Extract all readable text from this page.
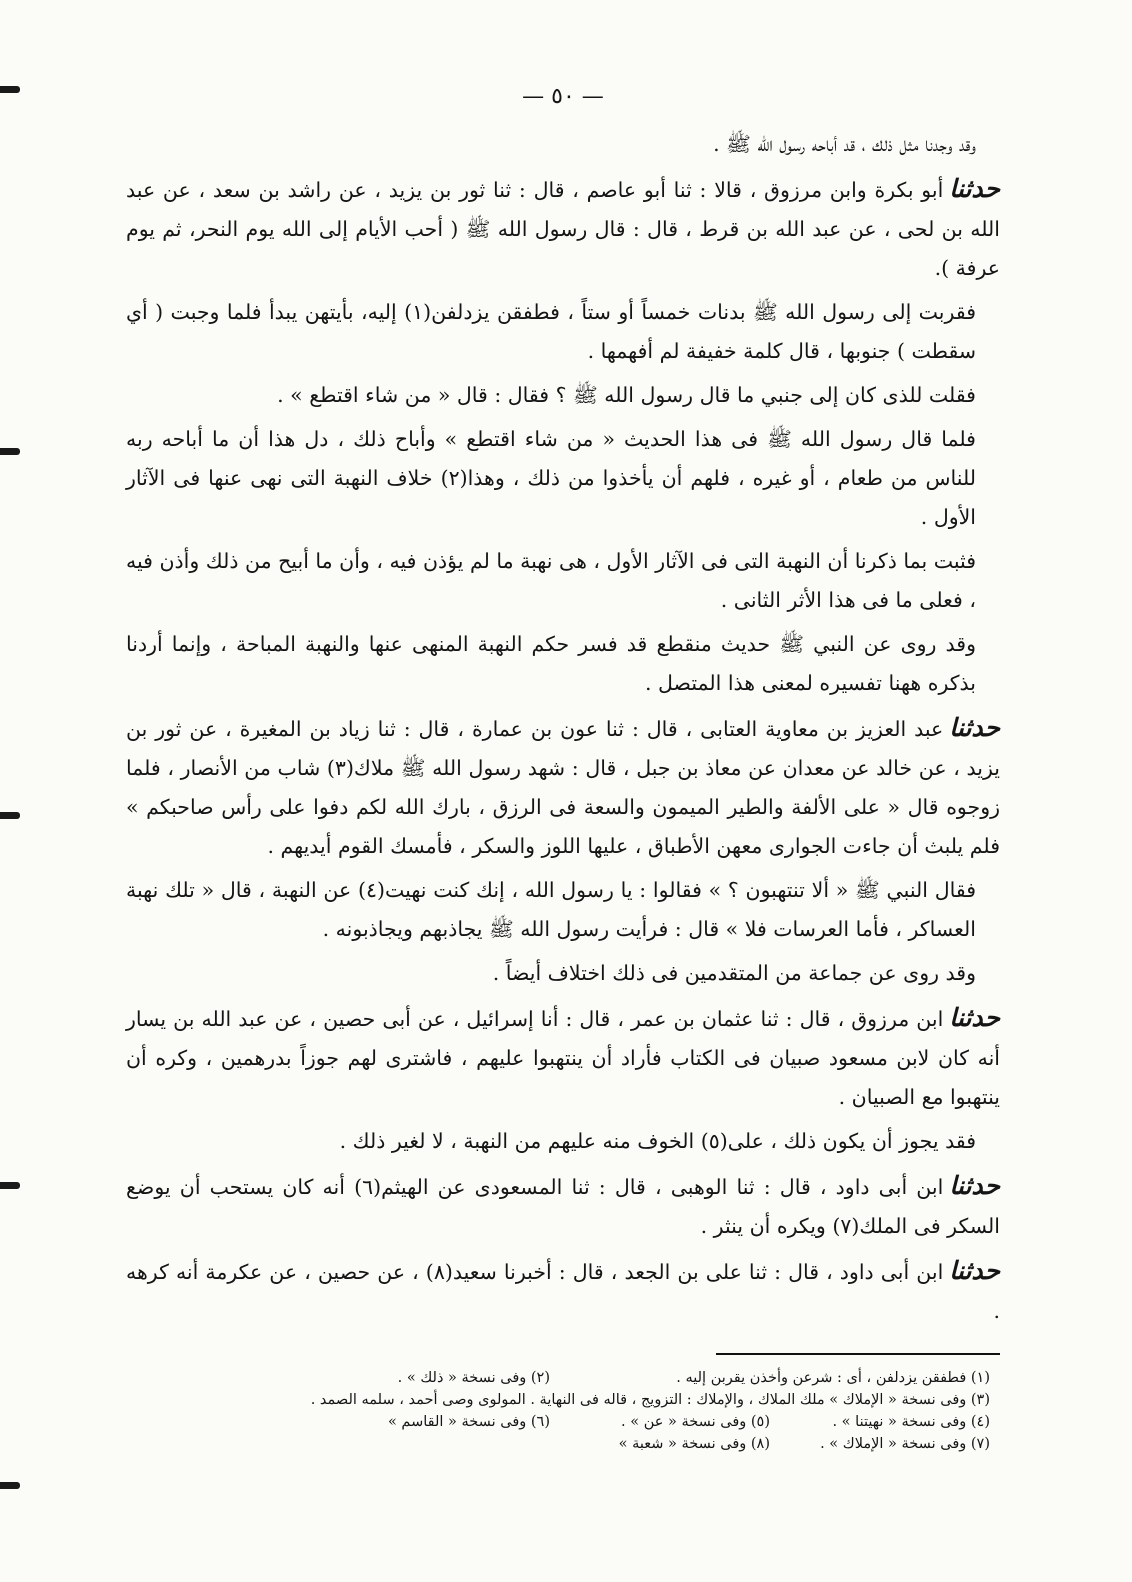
— ٥٠ —

وقد وجدنا مثل ذلك ، قد أباحه رسول الله ﷺ .

حدثناأبو بكرة وابن مرزوق ، قالا : ثنا أبو عاصم ، قال : ثنا ثور بن يزيد ، عن راشد بن سعد ، عن عبد الله بن لحى ، عن عبد الله بن قرط ، قال : قال رسول الله ﷺ ( أحب الأيام إلى الله يوم النحر، ثم يوم عرفة ).

فقربت إلى رسول الله ﷺ بدنات خمساً أو ستاً ، فطفقن يزدلفن(١) إليه، بأيتهن يبدأ فلما وجبت ( أي سقطت ) جنوبها ، قال كلمة خفيفة لم أفهمها .

فقلت للذى كان إلى جنبي ما قال رسول الله ﷺ ؟ فقال : قال « من شاء اقتطع » .

فلما قال رسول الله ﷺ فى هذا الحديث « من شاء اقتطع » وأباح ذلك ، دل هذا أن ما أباحه ربه للناس من طعام ، أو غيره ، فلهم أن يأخذوا من ذلك ، وهذا(٢) خلاف النهبة التى نهى عنها فى الآثار الأول .

فثبت بما ذكرنا أن النهبة التى فى الآثار الأول ، هى نهبة ما لم يؤذن فيه ، وأن ما أبيح من ذلك وأذن فيه ، فعلى ما فى هذا الأثر الثانى .

وقد روى عن النبي ﷺ حديث منقطع قد فسر حكم النهبة المنهى عنها والنهبة المباحة ، وإنما أردنا بذكره ههنا تفسيره لمعنى هذا المتصل .

حدثناعبد العزيز بن معاوية العتابى ، قال : ثنا عون بن عمارة ، قال : ثنا زياد بن المغيرة ، عن ثور بن يزيد ، عن خالد عن معدان عن معاذ بن جبل ، قال : شهد رسول الله ﷺ ملاك(٣) شاب من الأنصار ، فلما زوجوه قال « على الألفة والطير الميمون والسعة فى الرزق ، بارك الله لكم دفوا على رأس صاحبكم » فلم يلبث أن جاءت الجوارى معهن الأطباق ، عليها اللوز والسكر ، فأمسك القوم أيديهم .

فقال النبي ﷺ « ألا تنتهبون ؟ » فقالوا : يا رسول الله ، إنك كنت نهيت(٤) عن النهبة ، قال « تلك نهبة العساكر ، فأما العرسات فلا » قال : فرأيت رسول الله ﷺ يجاذبهم ويجاذبونه .

وقد روى عن جماعة من المتقدمين فى ذلك اختلاف أيضاً .

حدثناابن مرزوق ، قال : ثنا عثمان بن عمر ، قال : أنا إسرائيل ، عن أبى حصين ، عن عبد الله بن يسار أنه كان لابن مسعود صبيان فى الكتاب فأراد أن ينتهبوا عليهم ، فاشترى لهم جوزاً بدرهمين ، وكره أن ينتهبوا مع الصبيان .

فقد يجوز أن يكون ذلك ، على(٥) الخوف منه عليهم من النهبة ، لا لغير ذلك .

حدثناابن أبى داود ، قال : ثنا الوهبى ، قال : ثنا المسعودى عن الهيثم(٦) أنه كان يستحب أن يوضع السكر فى الملك(٧) ويكره أن ينثر .

حدثناابن أبى داود ، قال : ثنا على بن الجعد ، قال : أخبرنا سعيد(٨) ، عن حصين ، عن عكرمة أنه كرهه .

(١) فطفقن يزدلفن ، أى : شرعن وأخذن يقربن إليه .
(٢) وفى نسخة « ذلك » .
(٣) وفى نسخة « الإملاك » ملك الملاك ، والإملاك : التزويج ، قاله فى النهاية . المولوى وصى أحمد ، سلمه الصمد .
(٤) وفى نسخة « نهيتنا » .
(٥) وفى نسخة « عن » .
(٦) وفى نسخة « القاسم »
(٧) وفى نسخة « الإملاك » .
(٨) وفى نسخة « شعبة »
